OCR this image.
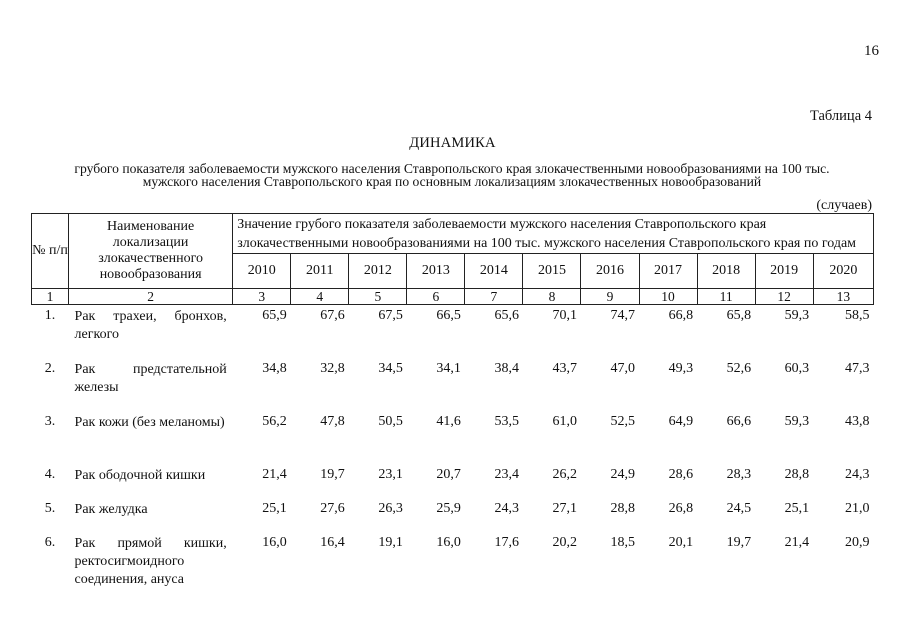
16
Таблица 4
ДИНАМИКА
грубого показателя заболеваемости мужского населения Ставропольского края злокачественными новообразованиями на 100 тыс. мужского населения Ставропольского края по основным локализациям злокачественных новообразований
(случаев)
№ п/п	Наименование локализации злокачественного новообразования	Значение грубого показателя заболеваемости мужского населения Ставропольского края злокачественными новообразованиями на 100 тыс. мужского населения Ставропольского края по годам										
		2010	2011	2012	2013	2014	2015	2016	2017	2018	2019	2020
1	2	3	4	5	6	7	8	9	10	11	12	13
1.	Рак трахеи, бронхов, легкого	65,9	67,6	67,5	66,5	65,6	70,1	74,7	66,8	65,8	59,3	58,5
2.	Рак предстательной железы	34,8	32,8	34,5	34,1	38,4	43,7	47,0	49,3	52,6	60,3	47,3
3.	Рак кожи (без меланомы)	56,2	47,8	50,5	41,6	53,5	61,0	52,5	64,9	66,6	59,3	43,8
4.	Рак ободочной кишки	21,4	19,7	23,1	20,7	23,4	26,2	24,9	28,6	28,3	28,8	24,3
5.	Рак желудка	25,1	27,6	26,3	25,9	24,3	27,1	28,8	26,8	24,5	25,1	21,0
6.	Рак прямой кишки, ректосигмоидного соединения, ануса	16,0	16,4	19,1	16,0	17,6	20,2	18,5	20,1	19,7	21,4	20,9
